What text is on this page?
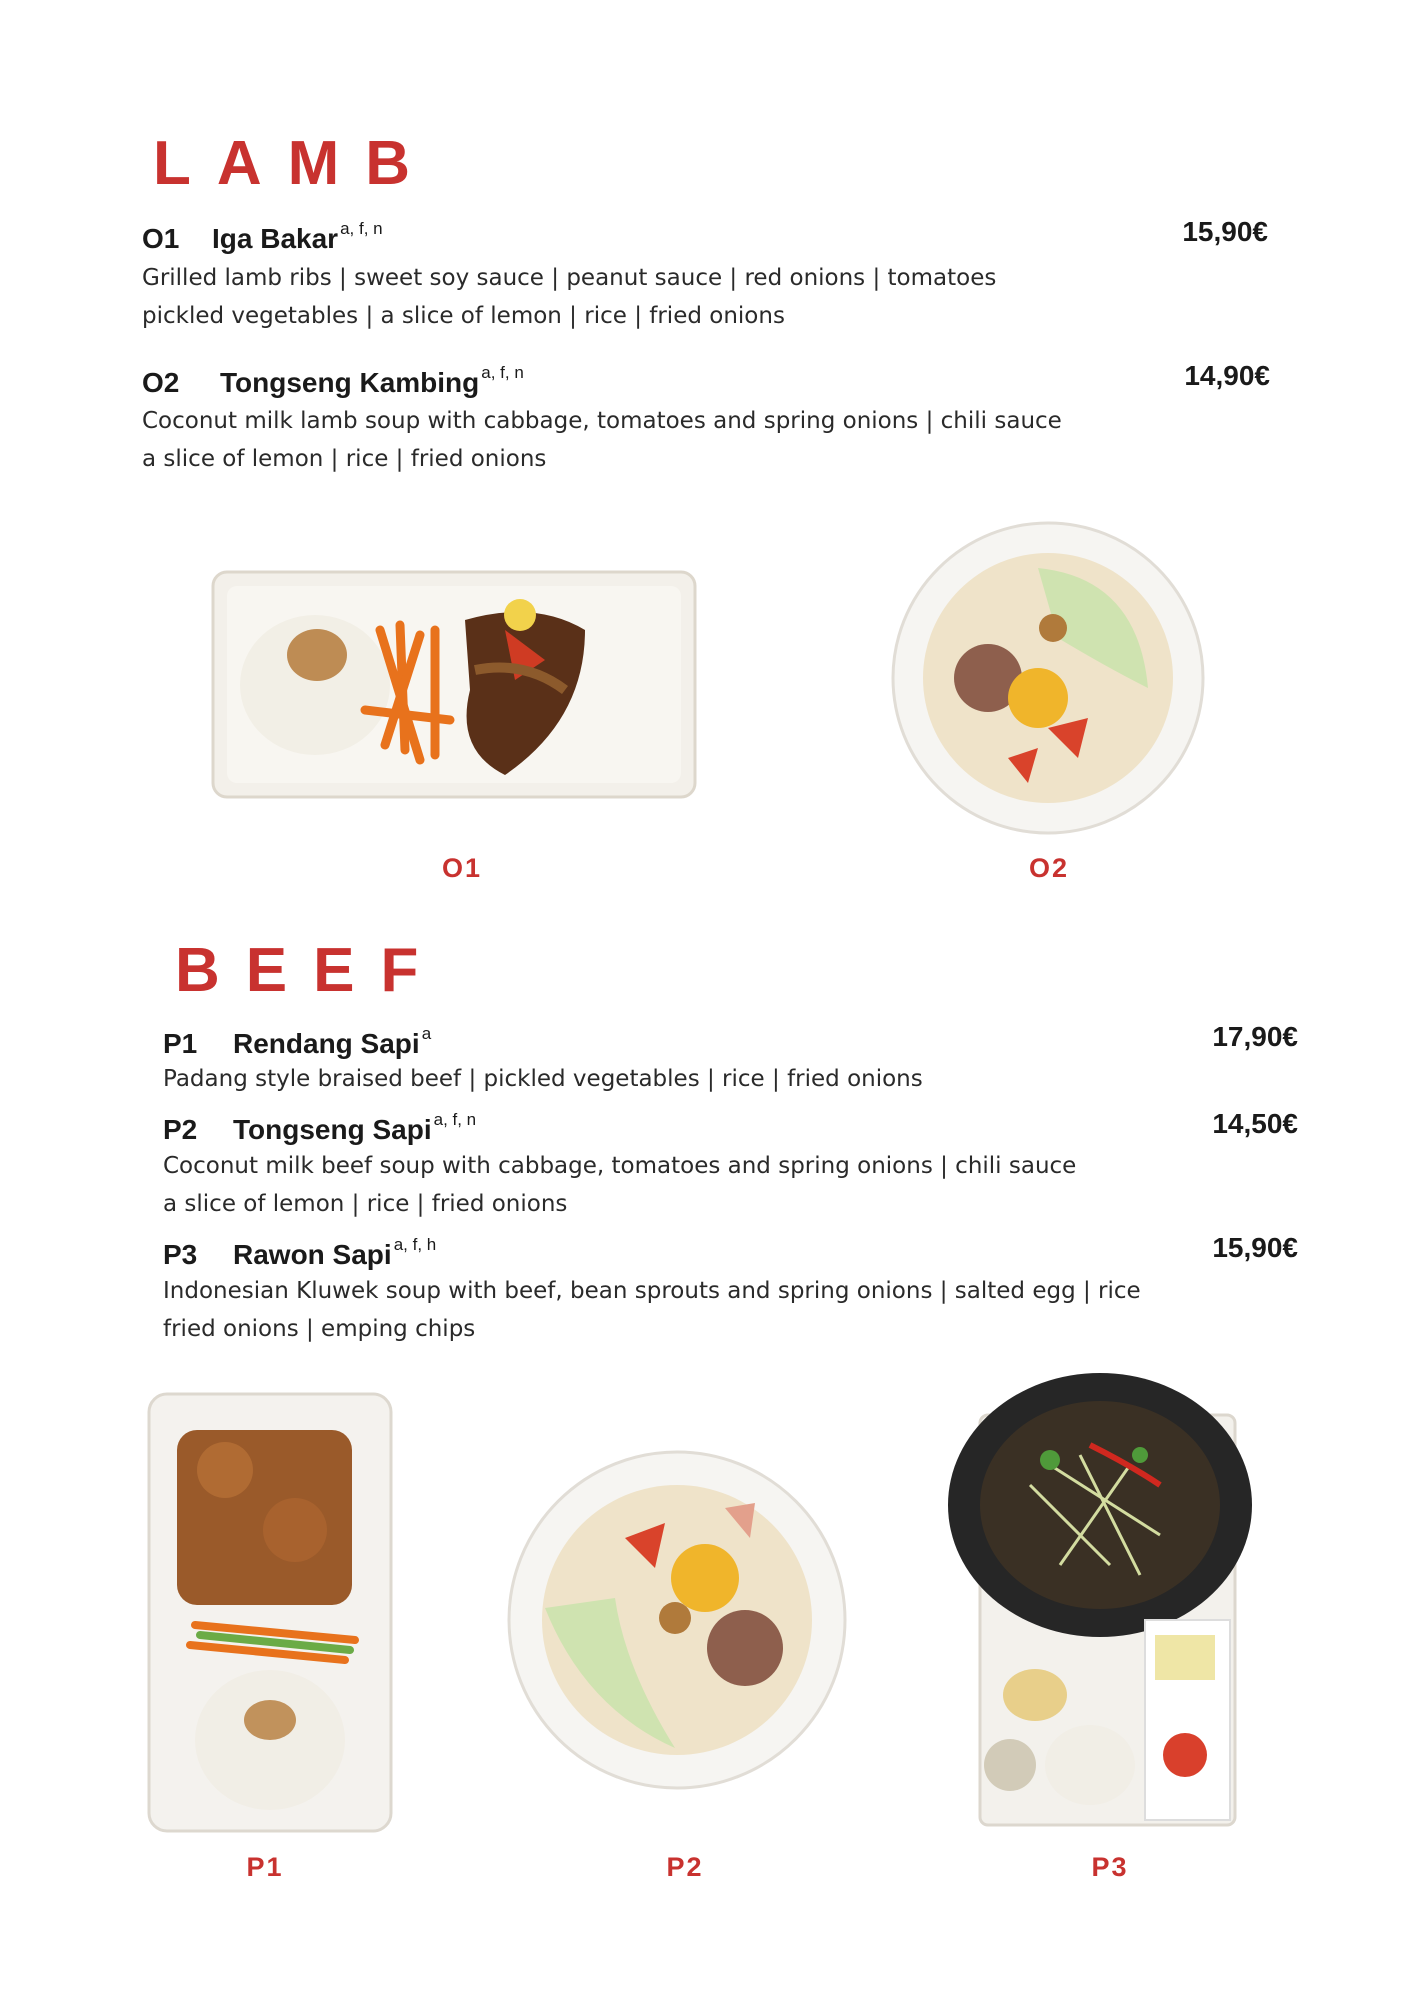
LAMB
O1 Iga Bakar $^{a, f, n}$	15,90€
Grilled lamb ribs | sweet soy sauce | peanut sauce | red onions | tomatoes
pickled vegetables | a slice of lemon | rice | fried onions
O2 Tongseng Kambing $^{a, f, n}$	14,90€
Coconut milk lamb soup with cabbage, tomatoes and spring onions | chili sauce
a slice of lemon | rice | fried onions
O1	O2
BEEF
P1 Rendang Sapi $^a$	17,90€
Padang style braised beef | pickled vegetables | rice | fried onions
P2 Tongseng Sapi $^{a, f, n}$	14,50€
Coconut milk beef soup with cabbage, tomatoes and spring onions | chili sauce
a slice of lemon | rice | fried onions
P3 Rawon Sapi $^{a, f, h}$	15,90€
Indonesian Kluwek soup with beef, bean sprouts and spring onions | salted egg | rice
fried onions | emping chips
P1	P2	P3
